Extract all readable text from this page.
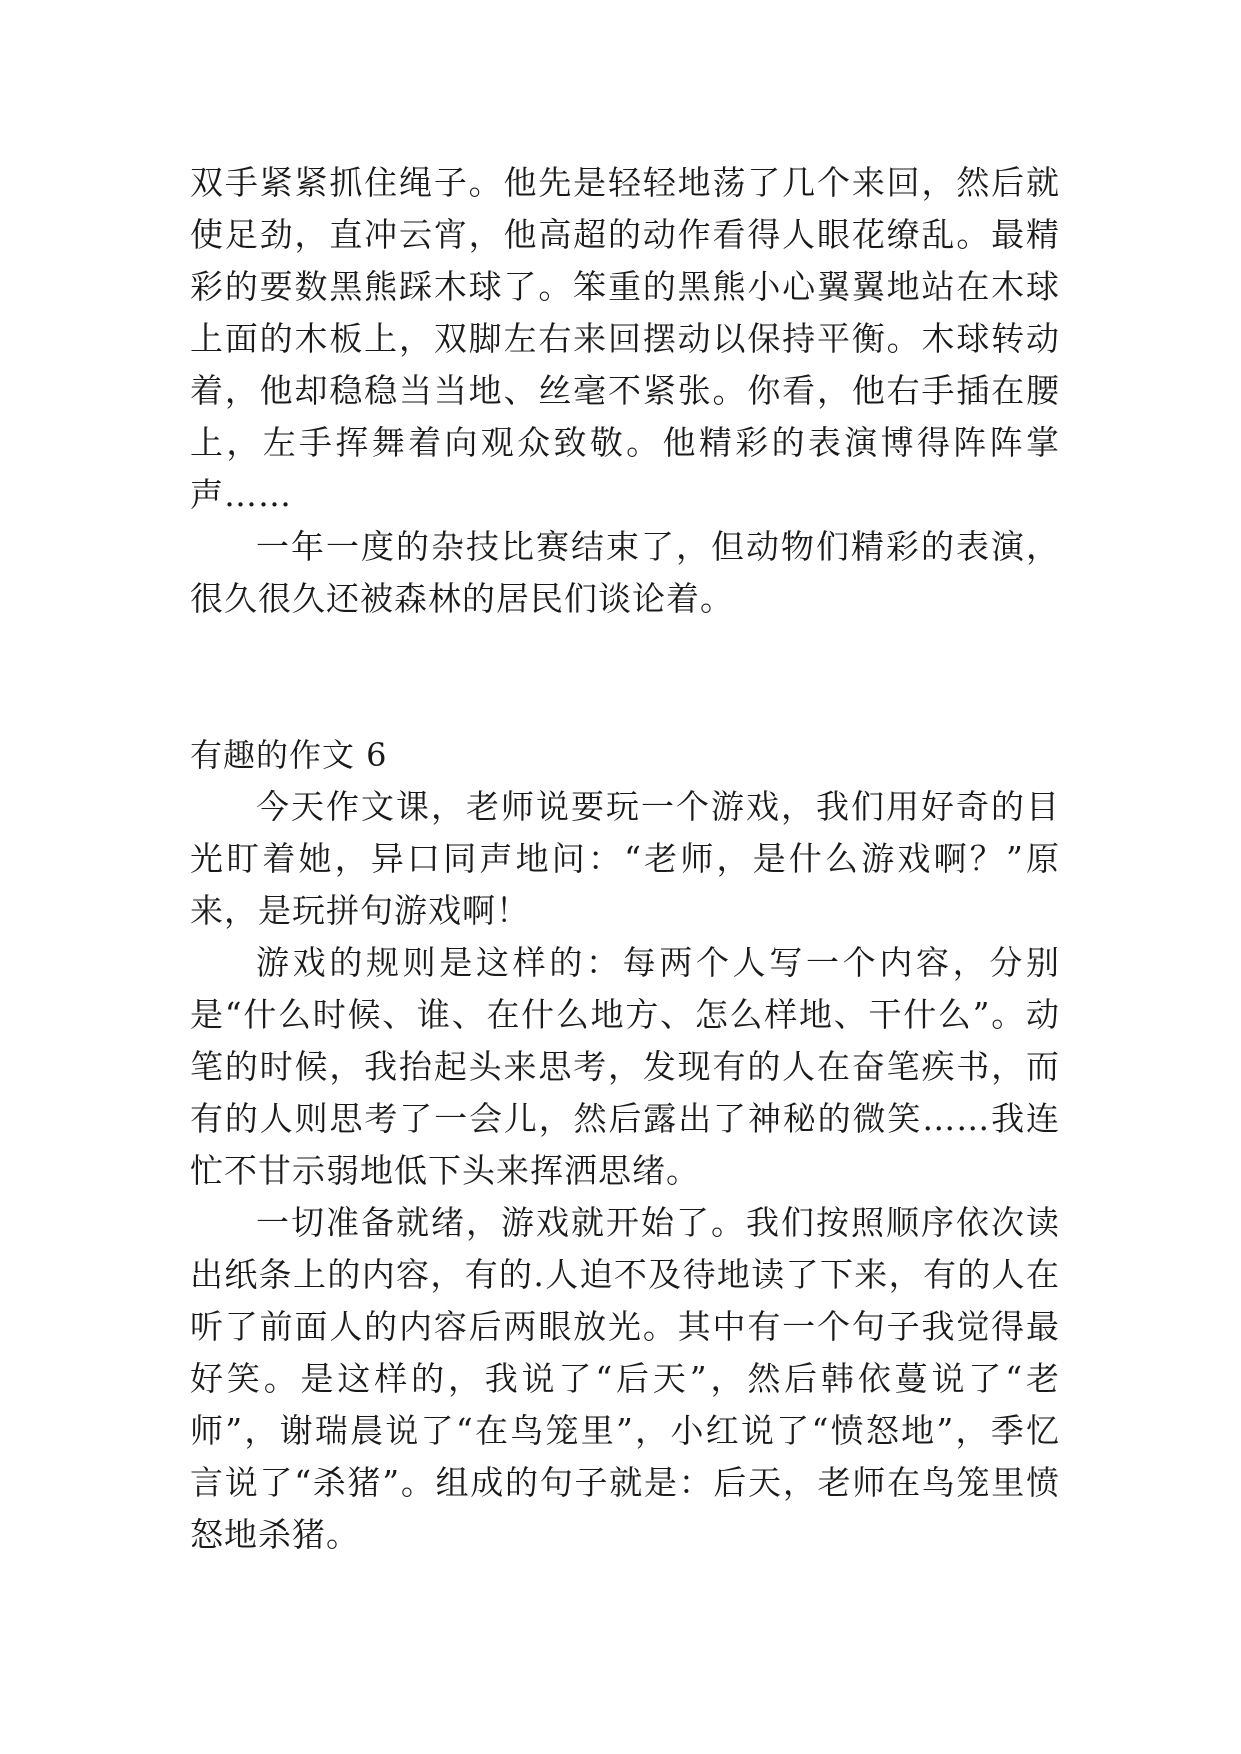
双手紧紧抓住绳子。他先是轻轻地荡了几个来回，然后就使足劲，直冲云宵，他高超的动作看得人眼花缭乱。最精彩的要数黑熊踩木球了。笨重的黑熊小心翼翼地站在木球上面的木板上，双脚左右来回摆动以保持平衡。木球转动着，他却稳稳当当地、丝毫不紧张。你看，他右手插在腰上，左手挥舞着向观众致敬。他精彩的表演博得阵阵掌声……

一年一度的杂技比赛结束了，但动物们精彩的表演，很久很久还被森林的居民们谈论着。

有趣的作文 6

今天作文课，老师说要玩一个游戏，我们用好奇的目光盯着她，异口同声地问：“老师，是什么游戏啊？”原来，是玩拼句游戏啊！

游戏的规则是这样的：每两个人写一个内容，分别是“什么时候、谁、在什么地方、怎么样地、干什么”。动笔的时候，我抬起头来思考，发现有的人在奋笔疾书，而有的人则思考了一会儿，然后露出了神秘的微笑……我连忙不甘示弱地低下头来挥洒思绪。

一切准备就绪，游戏就开始了。我们按照顺序依次读出纸条上的内容，有的.人迫不及待地读了下来，有的人在听了前面人的内容后两眼放光。其中有一个句子我觉得最好笑。是这样的，我说了“后天”，然后韩依蔓说了“老师”，谢瑞晨说了“在鸟笼里”，小红说了“愤怒地”，季忆言说了“杀猪”。组成的句子就是：后天，老师在鸟笼里愤怒地杀猪。
